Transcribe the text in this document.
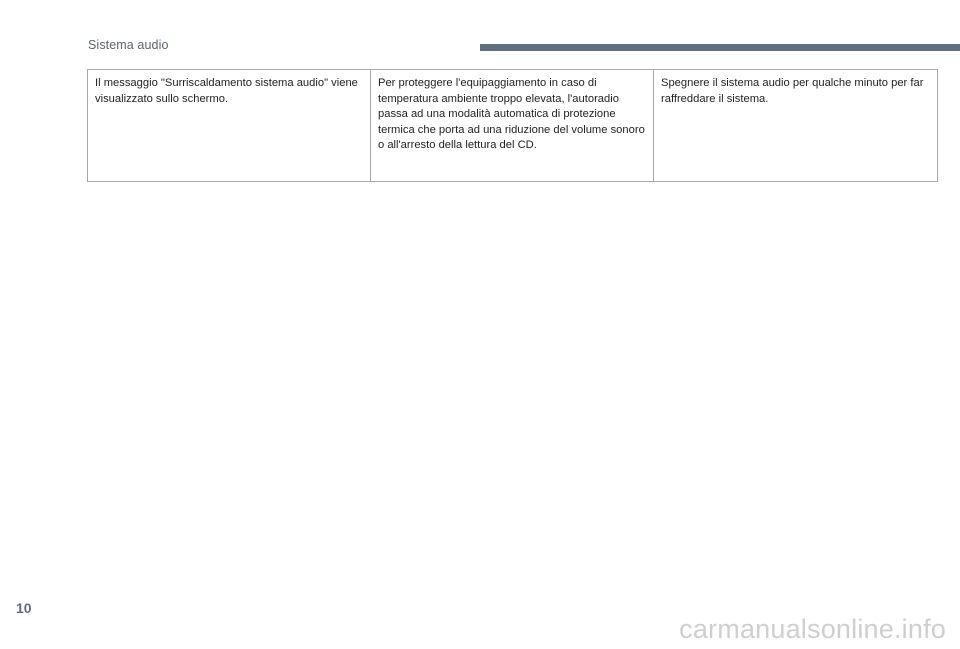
Sistema audio
Il messaggio "Surriscaldamento sistema audio" viene visualizzato sullo schermo.	Per proteggere l'equipaggiamento in caso di temperatura ambiente troppo elevata, l'autoradio passa ad una modalità automatica di protezione termica che porta ad una riduzione del volume sonoro o all'arresto della lettura del CD.	Spegnere il sistema audio per qualche minuto per far raffreddare il sistema.
10
carmanualsonline.info
